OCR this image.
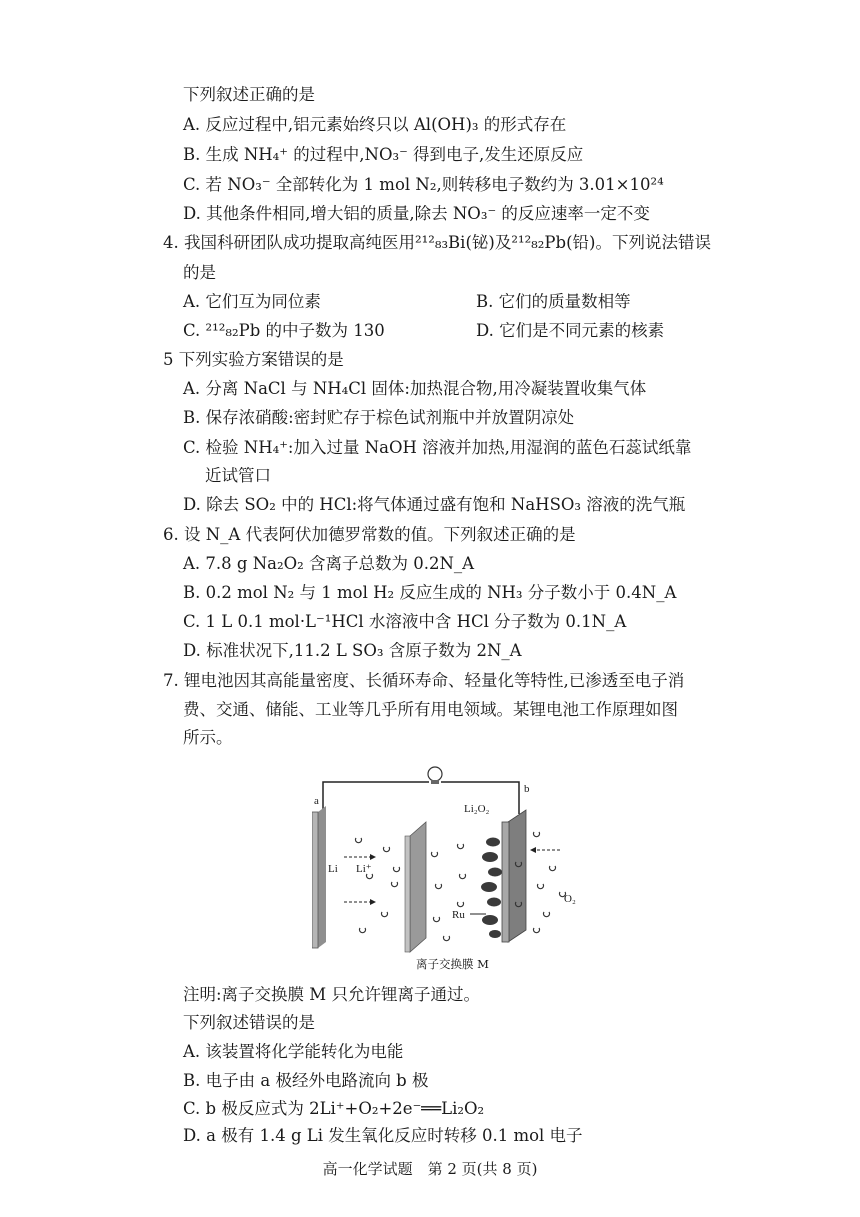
下列叙述正确的是
A. 反应过程中,铝元素始终只以 Al(OH)₃ 的形式存在
B. 生成 NH₄⁺ 的过程中,NO₃⁻ 得到电子,发生还原反应
C. 若 NO₃⁻ 全部转化为 1 mol N₂,则转移电子数约为 3.01×10²⁴
D. 其他条件相同,增大铝的质量,除去 NO₃⁻ 的反应速率一定不变
4. 我国科研团队成功提取高纯医用²¹²₈₃Bi(铋)及²¹²₈₂Pb(铅)。下列说法错误
的是
A. 它们互为同位素	B. 它们的质量数相等
C. ²¹²₈₂Pb 的中子数为 130	D. 它们是不同元素的核素
5 下列实验方案错误的是
A. 分离 NaCl 与 NH₄Cl 固体:加热混合物,用冷凝装置收集气体
B. 保存浓硝酸:密封贮存于棕色试剂瓶中并放置阴凉处
C. 检验 NH₄⁺:加入过量 NaOH 溶液并加热,用湿润的蓝色石蕊试纸靠
近试管口
D. 除去 SO₂ 中的 HCl:将气体通过盛有饱和 NaHSO₃ 溶液的洗气瓶
6. 设 N_A 代表阿伏加德罗常数的值。下列叙述正确的是
A. 7.8 g Na₂O₂ 含离子总数为 0.2N_A
B. 0.2 mol N₂ 与 1 mol H₂ 反应生成的 NH₃ 分子数小于 0.4N_A
C. 1 L 0.1 mol·L⁻¹HCl 水溶液中含 HCl 分子数为 0.1N_A
D. 标准状况下,11.2 L SO₃ 含原子数为 2N_A
7. 锂电池因其高能量密度、长循环寿命、轻量化等特性,已渗透至电子消
费、交通、储能、工业等几乎所有用电领域。某锂电池工作原理如图
所示。
a
b
Li Li⁺
Li₂O₂
Ru
O₂
离子交换膜 M
注明:离子交换膜 M 只允许锂离子通过。
下列叙述错误的是
A. 该装置将化学能转化为电能
B. 电子由 a 极经外电路流向 b 极
C. b 极反应式为 2Li⁺+O₂+2e⁻══Li₂O₂
D. a 极有 1.4 g Li 发生氧化反应时转移 0.1 mol 电子
高一化学试题　第 2 页(共 8 页)
